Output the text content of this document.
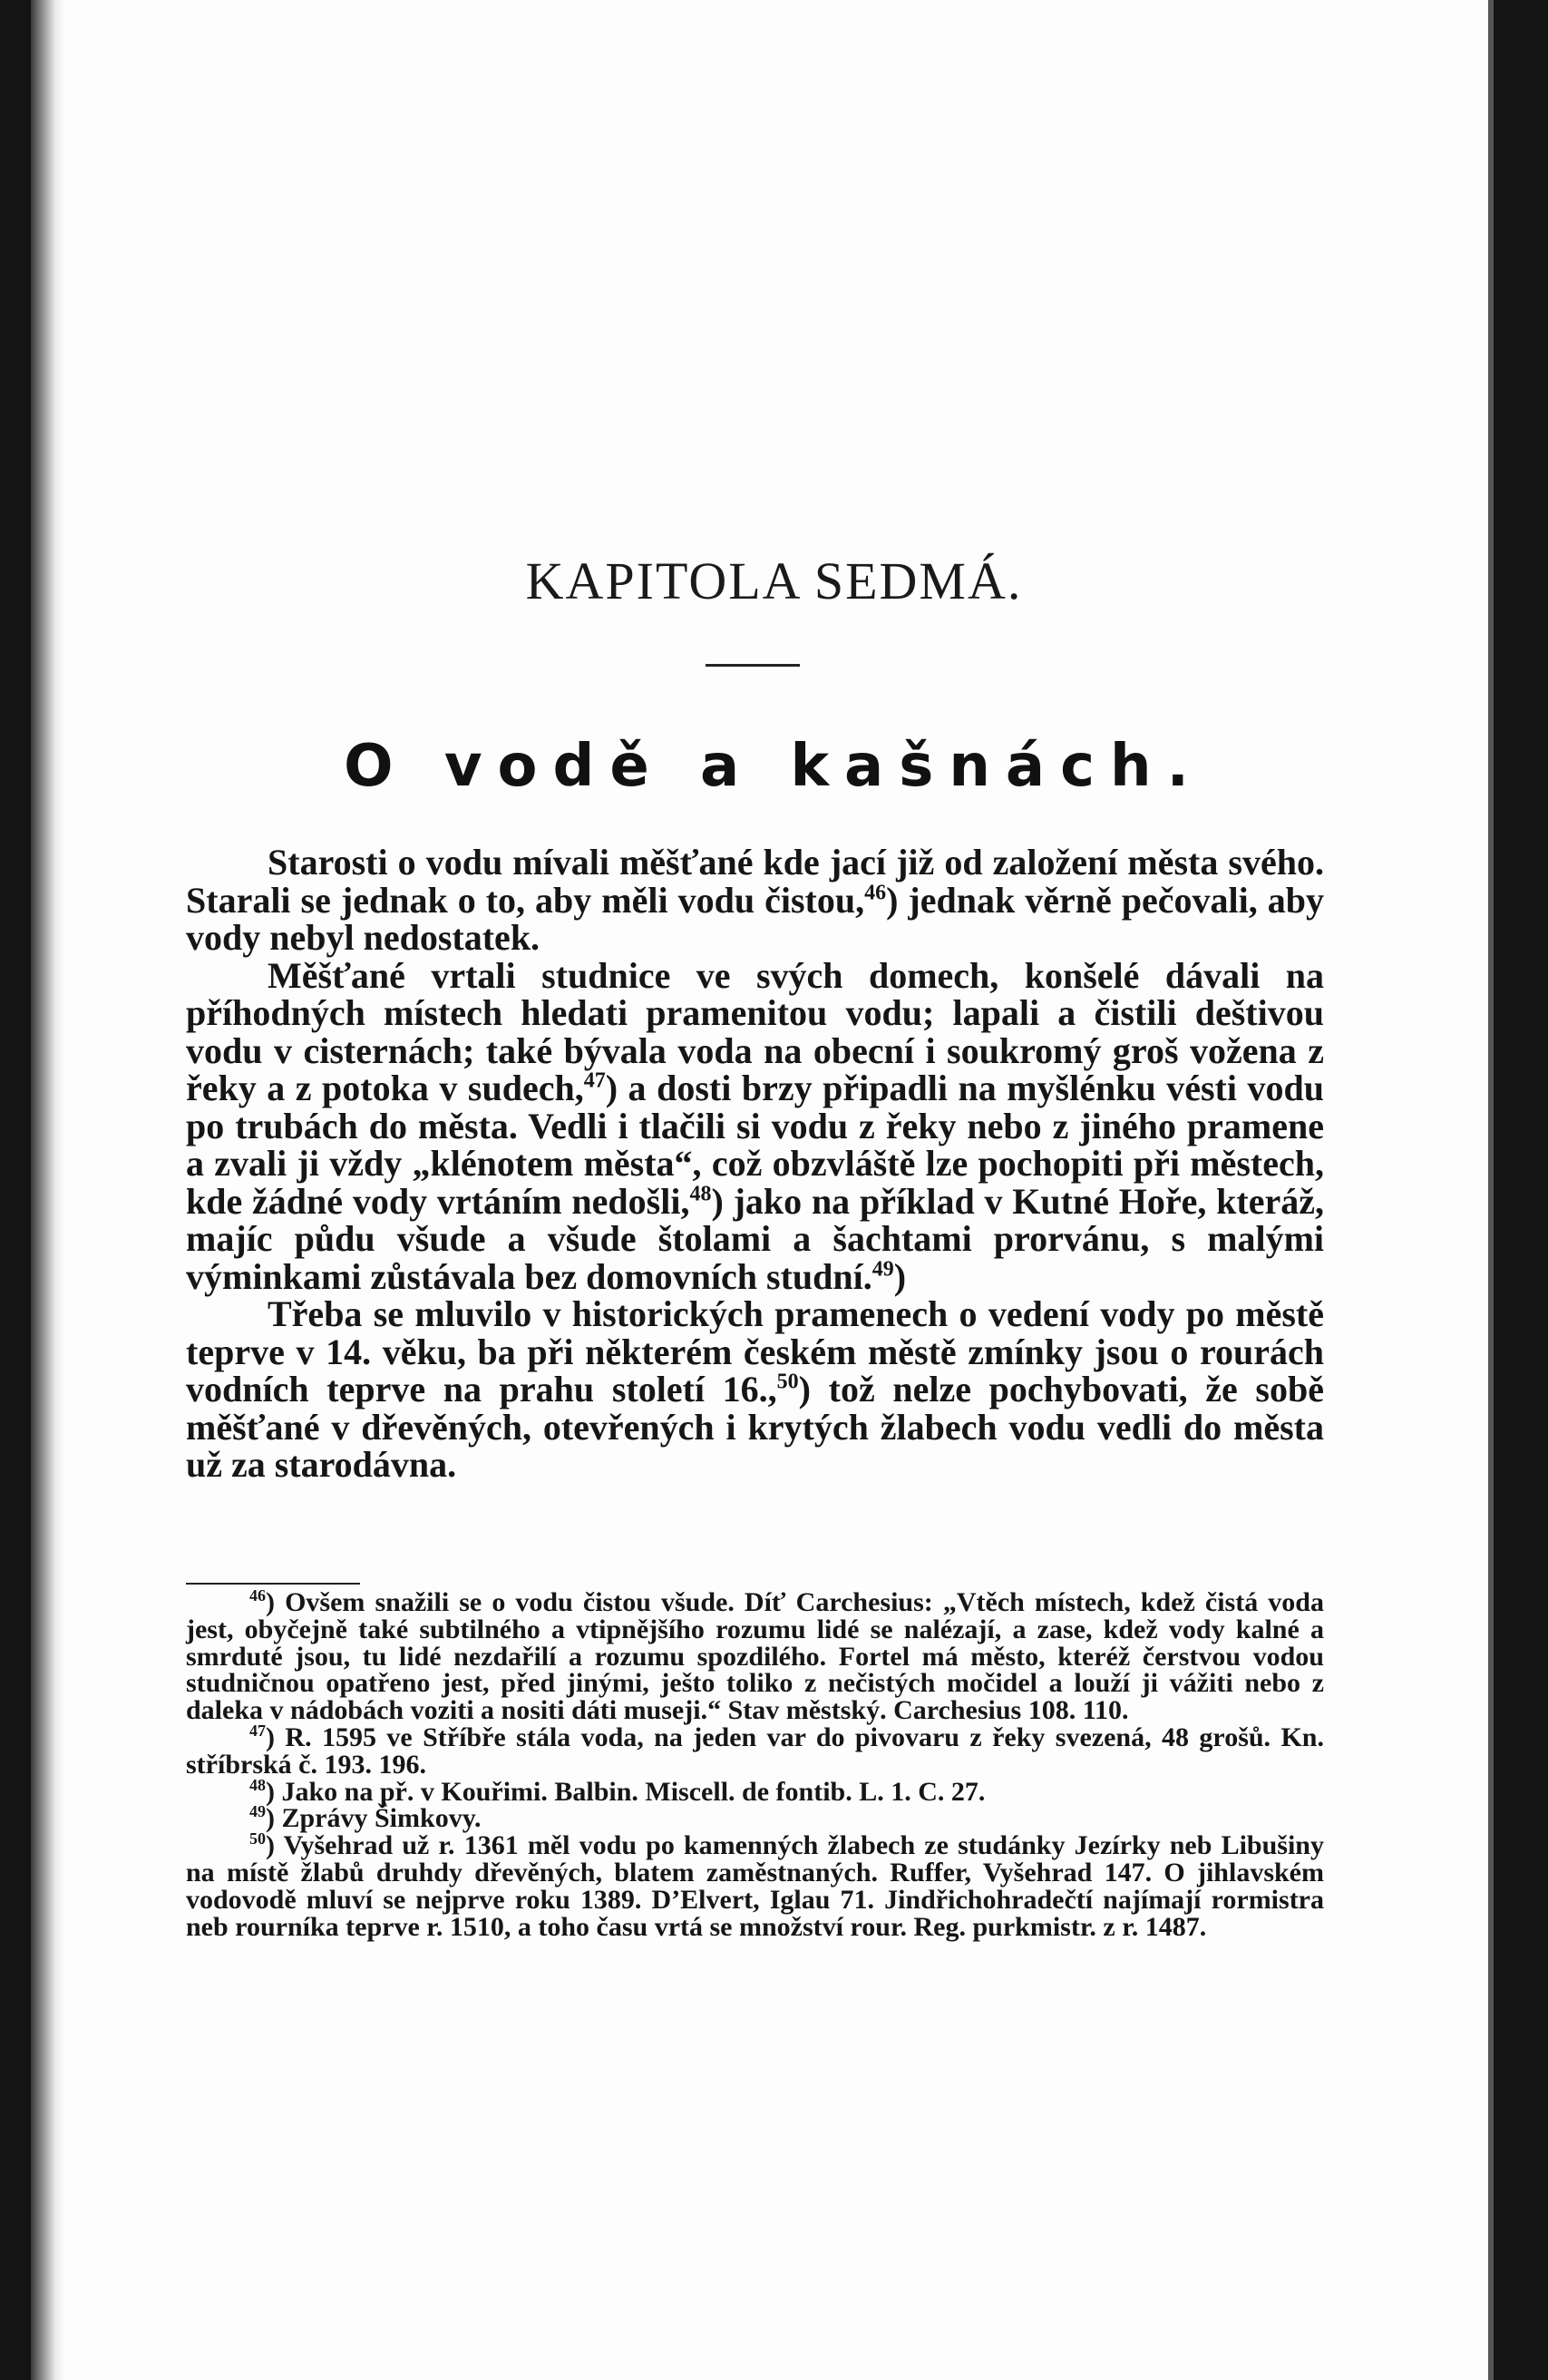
KAPITOLA SEDMÁ.
O vodě a kašnách.

Starosti o vodu mívali měšťané kde jací již od založení města svého. Starali se jednak o to, aby měli vodu čistou,$^{46}$) jednak věrně pečovali, aby vody nebyl nedostatek.

Měšťané vrtali studnice ve svých domech, konšelé dávali na příhodných místech hledati pramenitou vodu; lapali a čistili deštivou vodu v cisternách; také bývala voda na obecní i soukromý groš vožena z řeky a z potoka v sudech,$^{47}$) a dosti brzy připadli na myšlénku vésti vodu po trubách do města. Vedli i tlačili si vodu z řeky nebo z jiného pramene a zvali ji vždy „klénotem města“, což obzvláště lze pochopiti při městech, kde žádné vody vrtáním nedošli,$^{48}$) jako na příklad v Kutné Hoře, kteráž, majíc půdu všude a všude štolami a šachtami prorvánu, s malými výminkami zůstávala bez domovních studní.$^{49}$)

Třeba se mluvilo v historických pramenech o vedení vody po městě teprve v 14. věku, ba při některém českém městě zmínky jsou o rourách vodních teprve na prahu století 16.,$^{50}$) tož nelze pochybovati, že sobě měšťané v dřevěných, otevřených i krytých žlabech vodu vedli do města už za starodávna.

$^{46}$) Ovšem snažili se o vodu čistou všude. Díť Carchesius: „Vtěch místech, kdež čistá voda jest, obyčejně také subtilného a vtipnějšího rozumu lidé se nalézají, a zase, kdež vody kalné a smrduté jsou, tu lidé nezdařilí a rozumu spozdilého. Fortel má město, kteréž čerstvou vodou studničnou opatřeno jest, před jinými, ješto toliko z nečistých močidel a louží ji vážiti nebo z daleka v nádobách voziti a nositi dáti museji.“ Stav městský. Carchesius 108. 110.

$^{47}$) R. 1595 ve Stříbře stála voda, na jeden var do pivovaru z řeky svezená, 48 grošů. Kn. stříbrská č. 193. 196.

$^{48}$) Jako na př. v Kouřimi. Balbin. Miscell. de fontib. L. 1. C. 27.

$^{49}$) Zprávy Šimkovy.

$^{50}$) Vyšehrad už r. 1361 měl vodu po kamenných žlabech ze studánky Jezírky neb Libušiny na místě žlabů druhdy dřevěných, blatem zaměstnaných. Ruffer, Vyšehrad 147. O jihlavském vodovodě mluví se nejprve roku 1389. D’Elvert, Iglau 71. Jindřichohradečtí najímají rormistra neb rourníka teprve r. 1510, a toho času vrtá se množství rour. Reg. purkmistr. z r. 1487.
